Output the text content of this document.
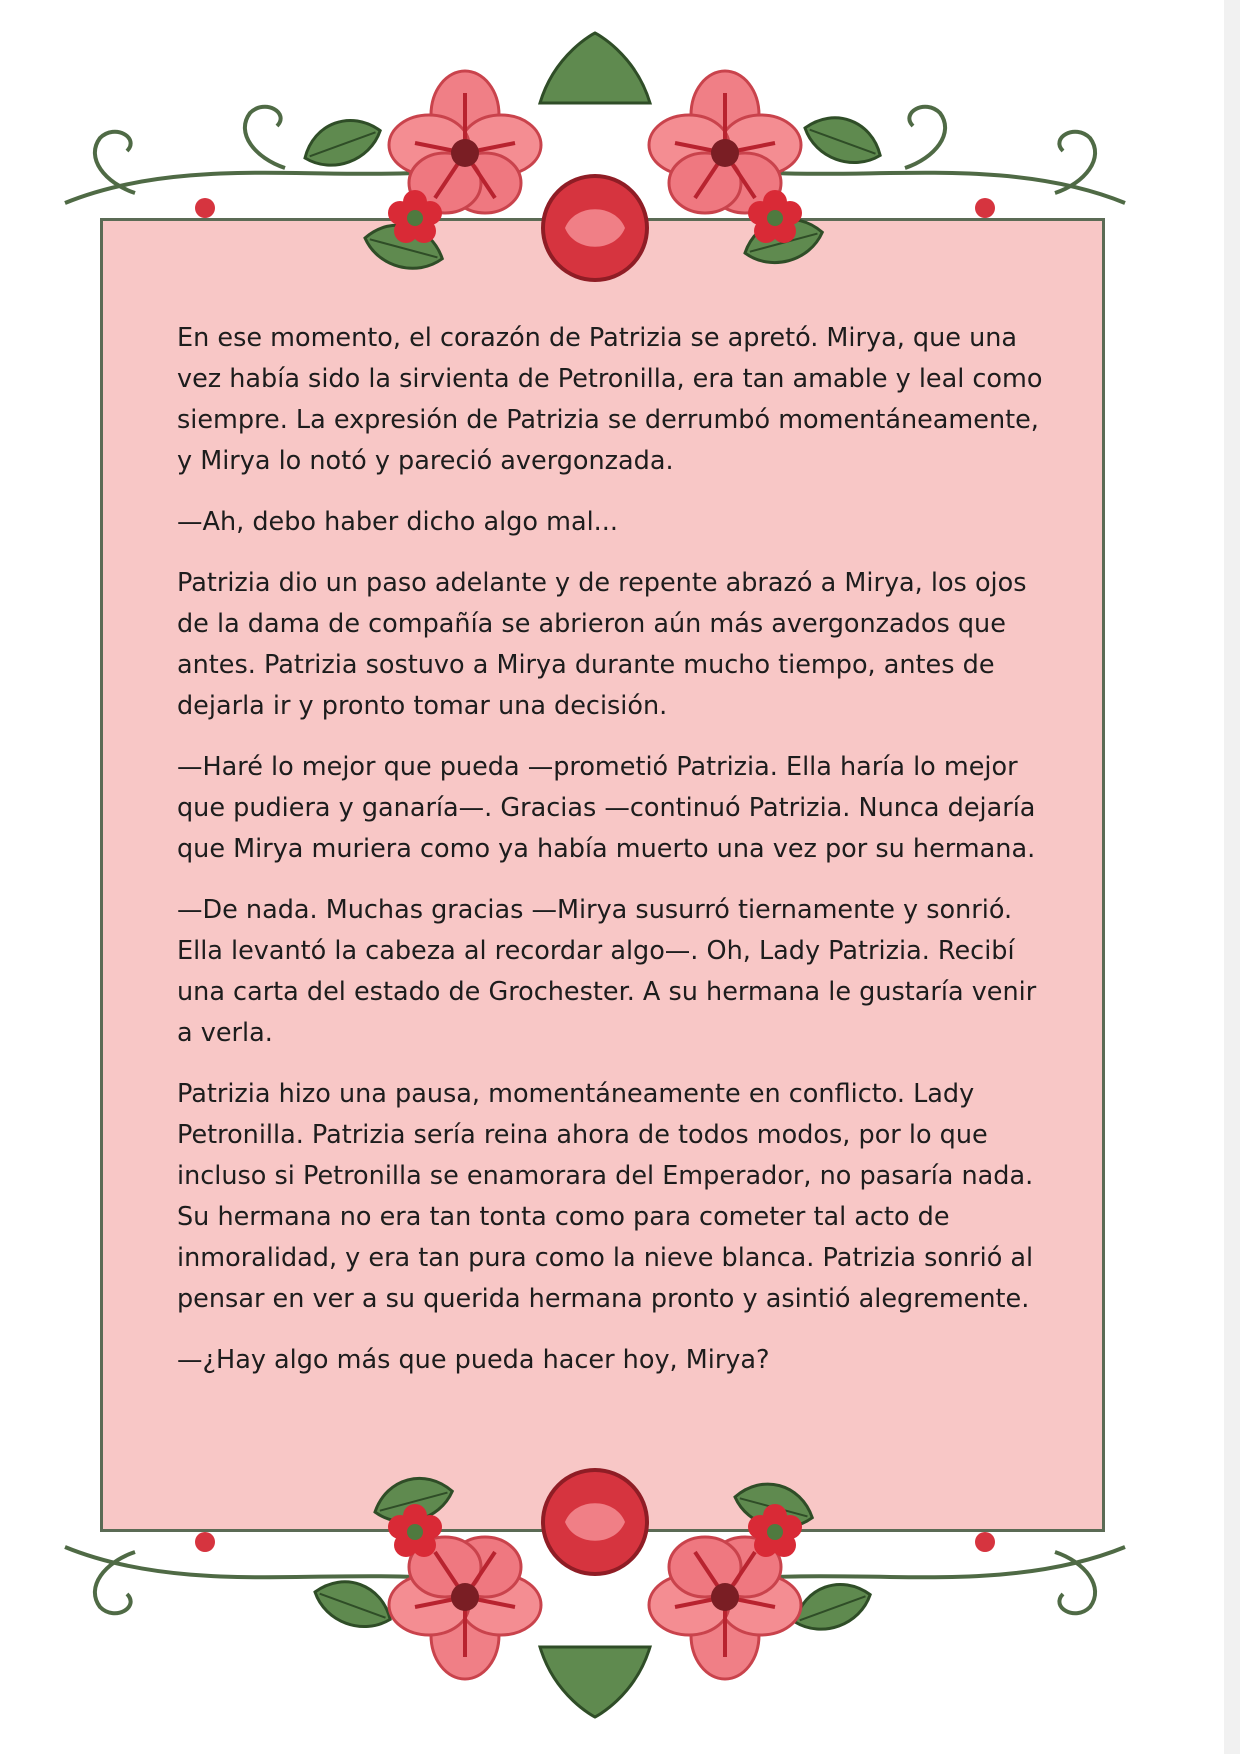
En ese momento, el corazón de Patrizia se apretó. Mirya, que una vez había sido la sirvienta de Petronilla, era tan amable y leal como siempre. La expresión de Patrizia se derrumbó momentáneamente, y Mirya lo notó y pareció avergonzada.

—Ah, debo haber dicho algo mal...

Patrizia dio un paso adelante y de repente abrazó a Mirya, los ojos de la dama de compañía se abrieron aún más avergonzados que antes. Patrizia sostuvo a Mirya durante mucho tiempo, antes de dejarla ir y pronto tomar una decisión.

—Haré lo mejor que pueda —prometió Patrizia. Ella haría lo mejor que pudiera y ganaría—. Gracias —continuó Patrizia. Nunca dejaría que Mirya muriera como ya había muerto una vez por su hermana.

—De nada. Muchas gracias —Mirya susurró tiernamente y sonrió. Ella levantó la cabeza al recordar algo—. Oh, Lady Patrizia. Recibí una carta del estado de Grochester. A su hermana le gustaría venir a verla.

Patrizia hizo una pausa, momentáneamente en conflicto. Lady Petronilla. Patrizia sería reina ahora de todos modos, por lo que incluso si Petronilla se enamorara del Emperador, no pasaría nada. Su hermana no era tan tonta como para cometer tal acto de inmoralidad, y era tan pura como la nieve blanca. Patrizia sonrió al pensar en ver a su querida hermana pronto y asintió alegremente.

—¿Hay algo más que pueda hacer hoy, Mirya?
